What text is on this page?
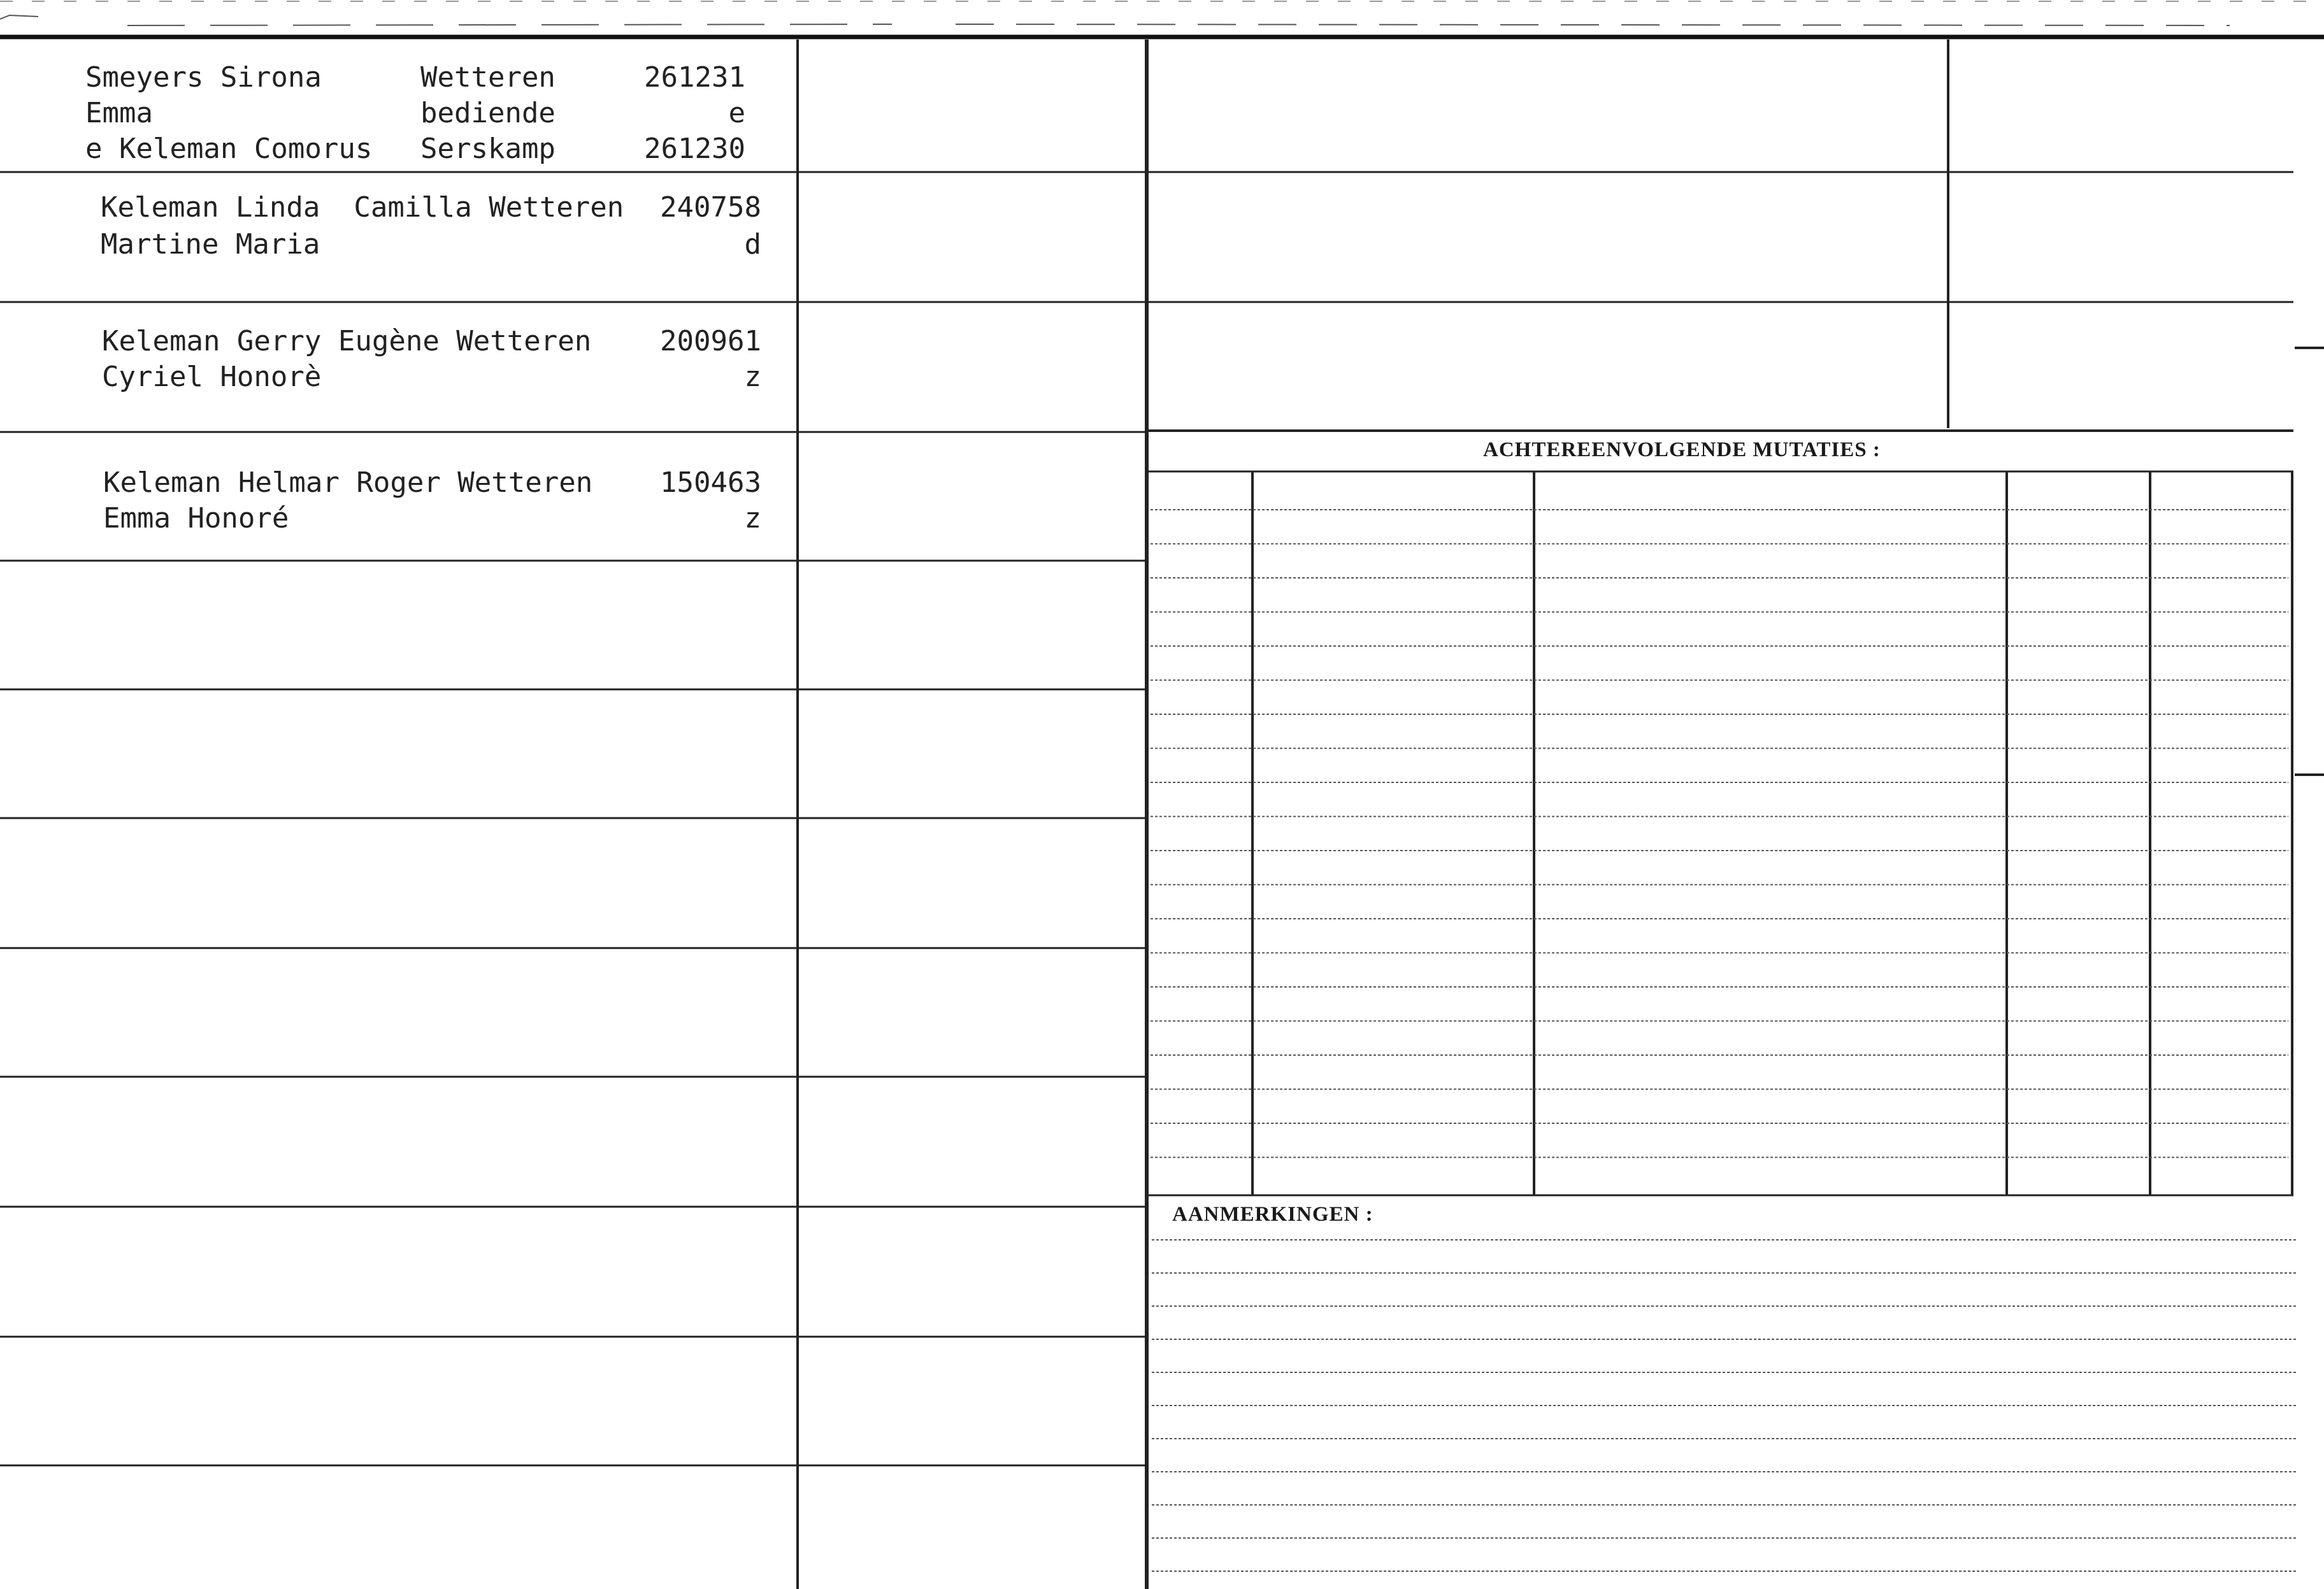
Smeyers Sirona
Emma
e Keleman Comorus
Wetteren
bediende
Serskamp
261231
e
261230
Keleman Linda  Camilla Wetteren
Martine Maria
240758
d
Keleman Gerry Eugène Wetteren
Cyriel Honorè
200961
z
Keleman Helmar Roger Wetteren
Emma Honoré
150463
z
ACHTEREENVOLGENDE MUTATIES :
AANMERKINGEN :
